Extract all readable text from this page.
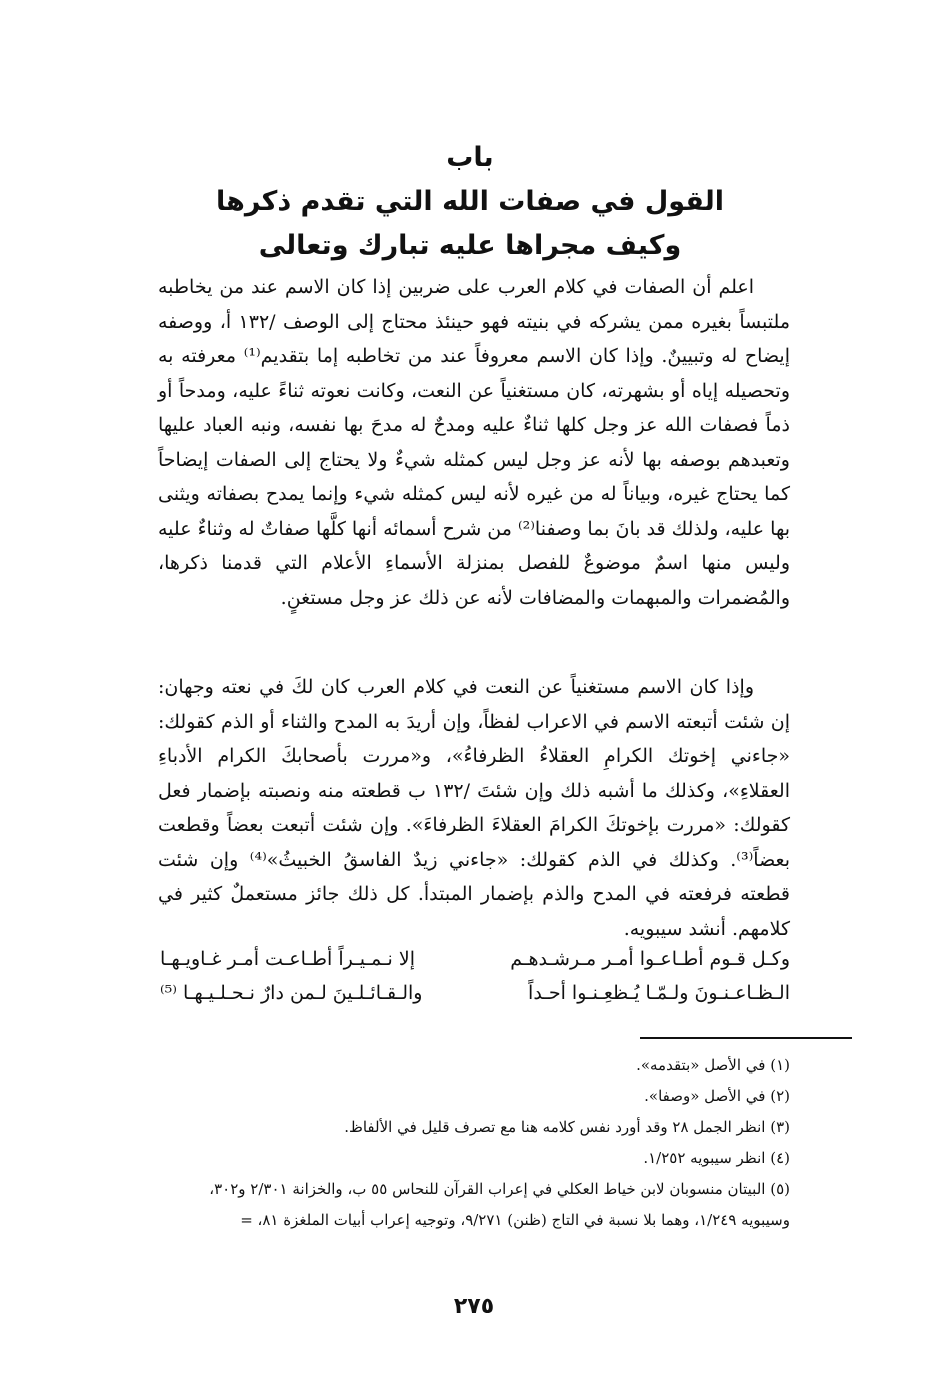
باب
القول في صفات الله التي تقدم ذكرها
وكيف مجراها عليه تبارك وتعالى

اعلم أن الصفات في كلام العرب على ضربين إذا كان الاسم عند من يخاطبه ملتبساً بغيره ممن يشركه في بنيته فهو حينئذ محتاج إلى الوصف /١٣٢ أ، ووصفه إيضاح له وتبيينٌ. وإذا كان الاسم معروفاً عند من تخاطبه إما بتقديم⁽¹⁾ معرفته به وتحصيله إياه أو بشهرته، كان مستغنياً عن النعت، وكانت نعوته ثناءً عليه، ومدحاً أو ذماً فصفات الله عز وجل كلها ثناءٌ عليه ومدحٌ له مدحَ بها نفسه، ونبه العباد عليها وتعبدهم بوصفه بها لأنه عز وجل ليس كمثله شيءٌ ولا يحتاج إلى الصفات إيضاحاً كما يحتاج غيره، وبياناً له من غيره لأنه ليس كمثله شيء وإنما يمدح بصفاته ويثنى بها عليه، ولذلك قد بانَ بما وصفنا⁽²⁾ من شرح أسمائه أنها كلَّها صفاتٌ له وثناءٌ عليه وليس منها اسمٌ موضوعٌ للفصل بمنزلة الأسماءِ الأعلام التي قدمنا ذكرها، والمُضمرات والمبهمات والمضافات لأنه عن ذلك عز وجل مستغنٍ.

وإذا كان الاسم مستغنياً عن النعت في كلام العرب كان لكَ في نعته وجهان: إن شئت أتبعته الاسم في الاعراب لفظاً، وإن أريدَ به المدح والثناء أو الذم كقولك: «جاءني إخوتك الكرامِ العقلاءُ الظرفاءُ»، و«مررت بأصحابكَ الكرام الأدباءِ العقلاءِ»، وكذلك ما أشبه ذلك وإن شئتَ /١٣٢ ب قطعته منه ونصبته بإضمار فعل كقولك: «مررت بإخوتكَ الكرامَ العقلاءَ الظرفاءَ». وإن شئت أتبعت بعضاً وقطعت بعضاً⁽³⁾. وكذلك في الذم كقولك: «جاءني زيدٌ الفاسقُ الخبيثُ»⁽⁴⁾ وإن شئت قطعته فرفعته في المدح والذم بإضمار المبتدأ. كل ذلك جائز مستعملٌ كثير في كلامهم. أنشد سيبويه.

وكـل قـوم أطـاعـوا أمـر مـرشـدهـم
إلا نـمـيـراً أطـاعـت أمـر غـاويـهـا
الـظـاعـنـونَ ولـمّـا يُـظعِـنـوا أحـداً
والـقـائـلـينَ لـمن دارٌ نـحـلـيـهـا ⁽⁵⁾
(١) في الأصل «بتقدمه».
(٢) في الأصل «وصفا».
(٣) انظر الجمل ٢٨ وقد أورد نفس كلامه هنا مع تصرف قليل في الألفاظ.
(٤) انظر سيبويه ١/٢٥٢.
(٥) البيتان منسوبان لابن خياط العكلي في إعراب القرآن للنحاس ٥٥ ب، والخزانة ٢/٣٠١ و٣٠٢،
وسيبويه ١/٢٤٩، وهما بلا نسبة في التاج (ظنن) ٩/٢٧١، وتوجيه إعراب أبيات الملغزة ٨١، =
٢٧٥
